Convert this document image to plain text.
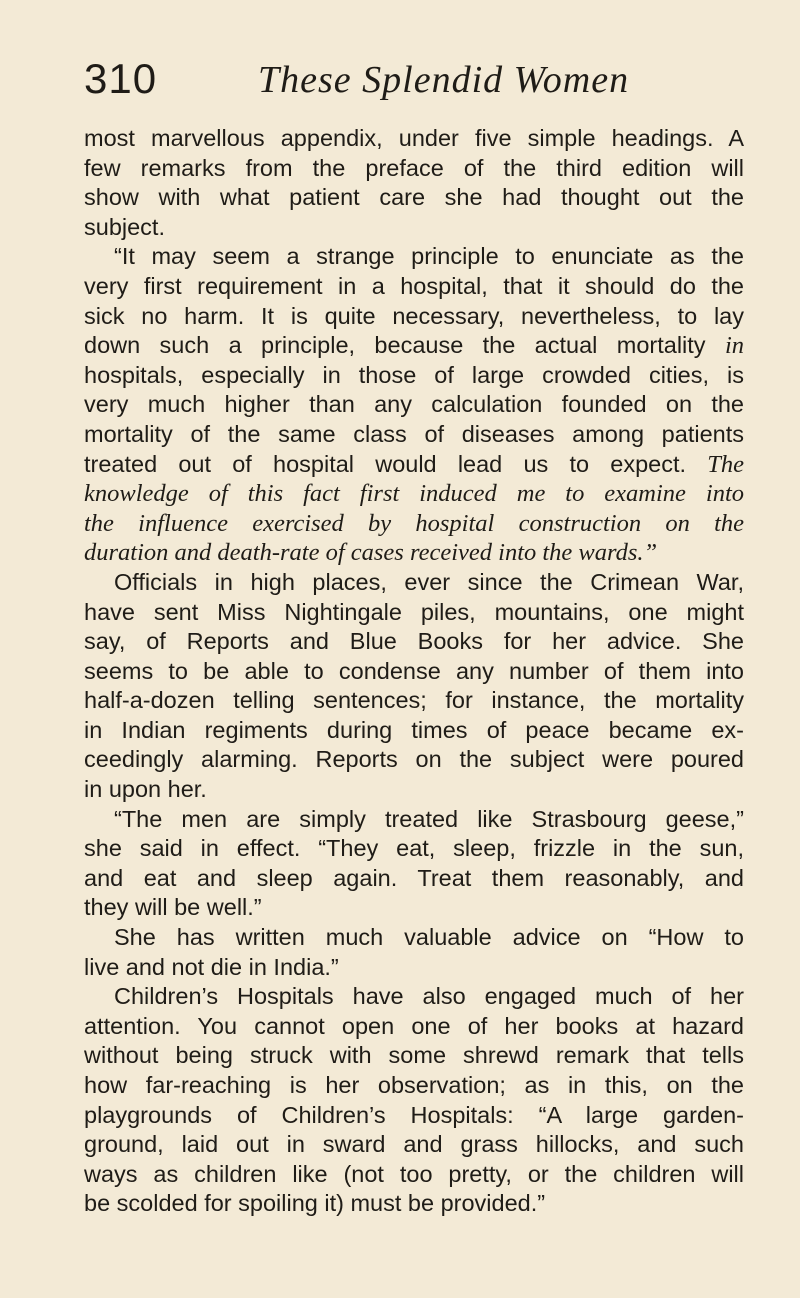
310	These Splendid Women
most marvellous appendix, under five simple headings. A
few remarks from the preface of the third edition will
show with what patient care she had thought out the
subject.
“It may seem a strange principle to enunciate as the
very first requirement in a hospital, that it should do the
sick no harm. It is quite necessary, nevertheless, to lay
down such a principle, because the actual mortality in
hospitals, especially in those of large crowded cities, is
very much higher than any calculation founded on the
mortality of the same class of diseases among patients
treated out of hospital would lead us to expect. The
knowledge of this fact first induced me to examine into
the influence exercised by hospital construction on the
duration and death-rate of cases received into the wards.”
Officials in high places, ever since the Crimean War,
have sent Miss Nightingale piles, mountains, one might
say, of Reports and Blue Books for her advice. She
seems to be able to condense any number of them into
half-a-dozen telling sentences; for instance, the mortality
in Indian regiments during times of peace became ex-
ceedingly alarming. Reports on the subject were poured
in upon her.
“The men are simply treated like Strasbourg geese,”
she said in effect. “They eat, sleep, frizzle in the sun,
and eat and sleep again. Treat them reasonably, and
they will be well.”
She has written much valuable advice on “How to
live and not die in India.”
Children’s Hospitals have also engaged much of her
attention. You cannot open one of her books at hazard
without being struck with some shrewd remark that tells
how far-reaching is her observation; as in this, on the
playgrounds of Children’s Hospitals: “A large garden-
ground, laid out in sward and grass hillocks, and such
ways as children like (not too pretty, or the children will
be scolded for spoiling it) must be provided.”
